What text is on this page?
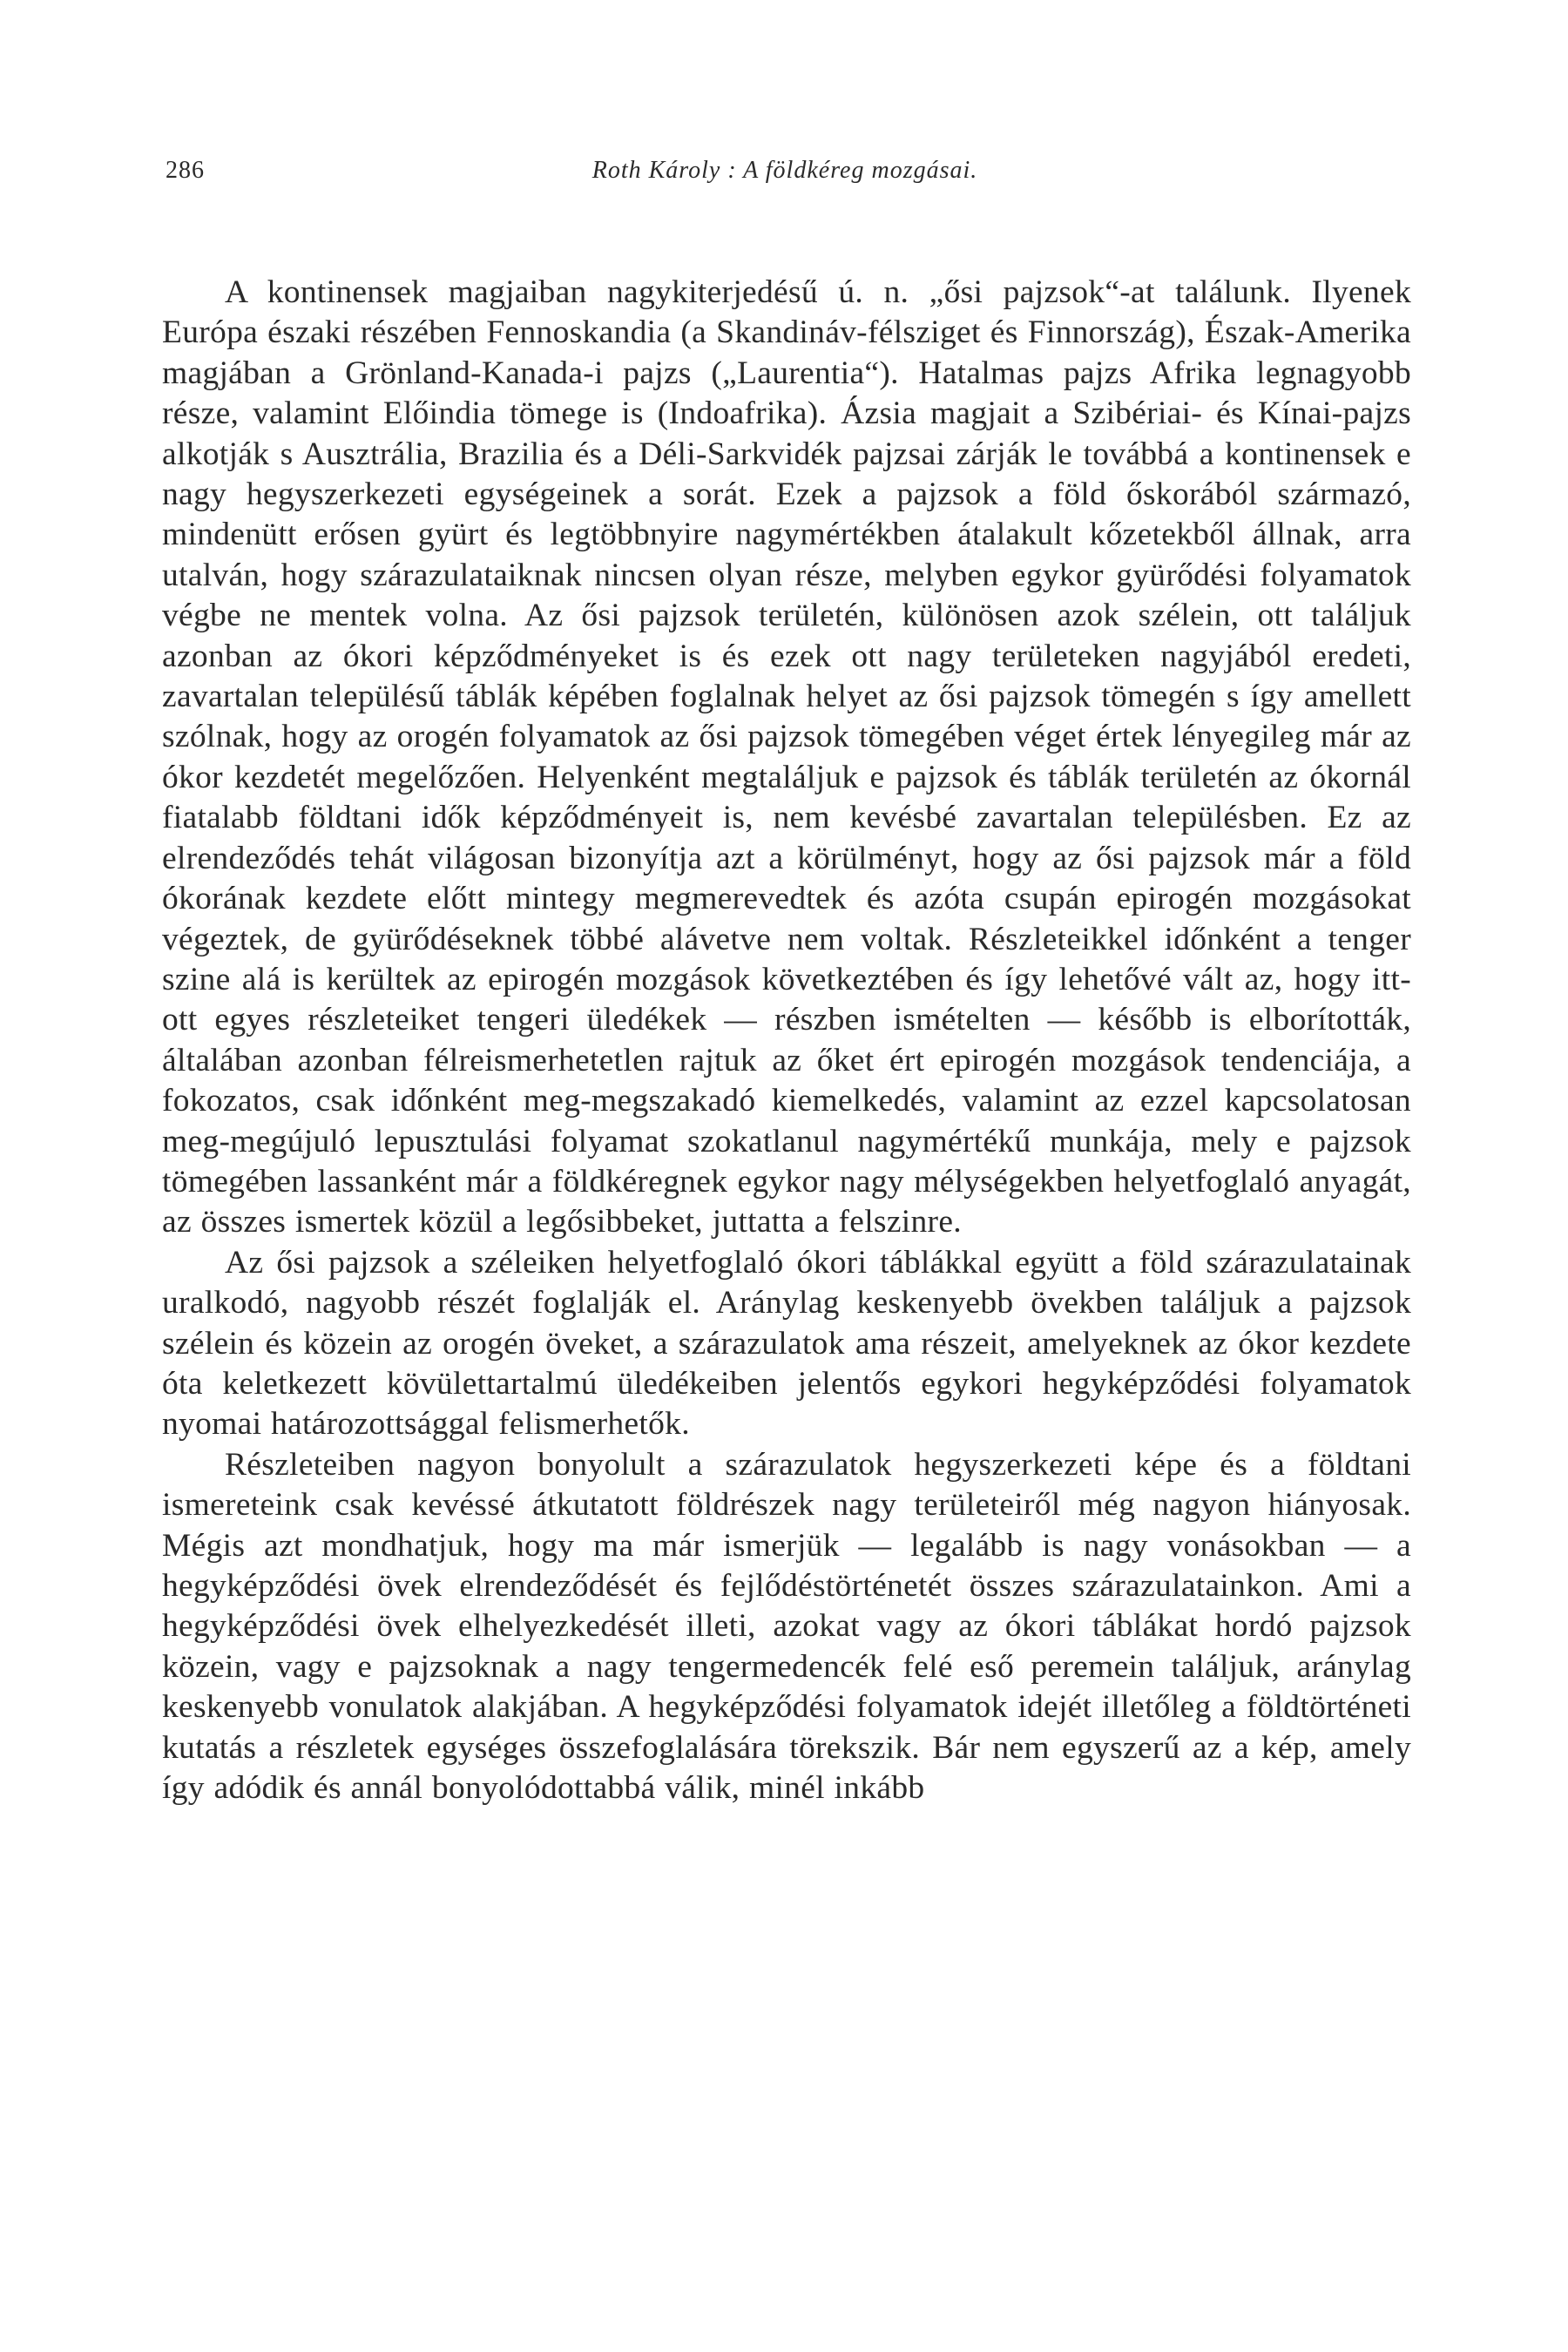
286	Roth Károly : A földkéreg mozgásai.

A kontinensek magjaiban nagykiterjedésű ú. n. „ősi pajzsok“-at találunk. Ilyenek Európa északi részében Fennoskandia (a Skandináv-félsziget és Finnország), Észak-Amerika magjában a Grönland-Kanada-i pajzs („Laurentia“). Hatalmas pajzs Afrika legnagyobb része, valamint Előindia tömege is (Indoafrika). Ázsia magjait a Szibériai- és Kínai-pajzs alkotják s Ausztrália, Brazilia és a Déli-Sarkvidék pajzsai zárják le továbbá a kontinensek e nagy hegyszerkezeti egységeinek a sorát. Ezek a pajzsok a föld őskorából származó, mindenütt erősen gyürt és legtöbbnyire nagymértékben átalakult kőzetekből állnak, arra utalván, hogy szárazulataiknak nincsen olyan része, melyben egykor gyürődési folyamatok végbe ne mentek volna. Az ősi pajzsok területén, különösen azok szélein, ott találjuk azonban az ókori képződményeket is és ezek ott nagy területeken nagyjából eredeti, zavartalan településű táblák képében foglalnak helyet az ősi pajzsok tömegén s így amellett szólnak, hogy az orogén folyamatok az ősi pajzsok tömegében véget értek lényegileg már az ókor kezdetét megelőzően. Helyenként megtaláljuk e pajzsok és táblák területén az ókornál fiatalabb földtani idők képződményeit is, nem kevésbé zavartalan településben. Ez az elrendeződés tehát világosan bizonyítja azt a körülményt, hogy az ősi pajzsok már a föld ókorának kezdete előtt mintegy megmerevedtek és azóta csupán epirogén mozgásokat végeztek, de gyürődéseknek többé alávetve nem voltak. Részleteikkel időnként a tenger szine alá is kerültek az epirogén mozgások következtében és így lehetővé vált az, hogy itt-ott egyes részleteiket tengeri üledékek — részben ismételten — később is elborították, általában azonban félreismerhetetlen rajtuk az őket ért epirogén mozgások tendenciája, a fokozatos, csak időnként meg-megszakadó kiemelkedés, valamint az ezzel kapcsolatosan meg-megújuló lepusztulási folyamat szokatlanul nagymértékű munkája, mely e pajzsok tömegében lassanként már a földkéregnek egykor nagy mélységekben helyetfoglaló anyagát, az összes ismertek közül a legősibbeket, juttatta a felszinre.

Az ősi pajzsok a széleiken helyetfoglaló ókori táblákkal együtt a föld szárazulatainak uralkodó, nagyobb részét foglalják el. Aránylag keskenyebb övekben találjuk a pajzsok szélein és közein az orogén öveket, a szárazulatok ama részeit, amelyeknek az ókor kezdete óta keletkezett kövülettartalmú üledékeiben jelentős egykori hegyképződési folyamatok nyomai határozottsággal felismerhetők.

Részleteiben nagyon bonyolult a szárazulatok hegyszerkezeti képe és a földtani ismereteink csak kevéssé átkutatott földrészek nagy területeiről még nagyon hiányosak. Mégis azt mondhatjuk, hogy ma már ismerjük — legalább is nagy vonásokban — a hegyképződési övek elrendeződését és fejlődéstörténetét összes szárazulatainkon. Ami a hegyképződési övek elhelyezkedését illeti, azokat vagy az ókori táblákat hordó pajzsok közein, vagy e pajzsoknak a nagy tengermedencék felé eső peremein találjuk, aránylag keskenyebb vonulatok alakjában. A hegyképződési folyamatok idejét illetőleg a földtörténeti kutatás a részletek egységes összefoglalására törekszik. Bár nem egyszerű az a kép, amely így adódik és annál bonyolódottabbá válik, minél inkább
